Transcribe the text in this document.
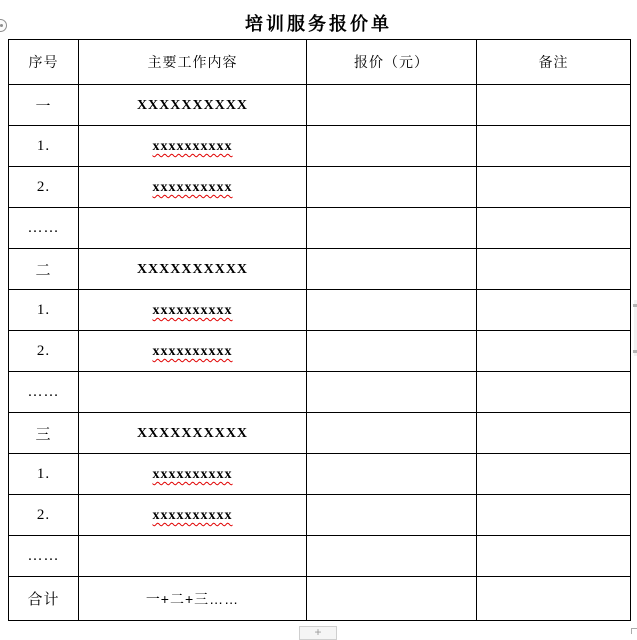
培训服务报价单
序号	主要工作内容	报价（元）	备注
一	XXXXXXXXXX		
1.	xxxxxxxxxx		
2.	xxxxxxxxxx		
……			
二	XXXXXXXXXX		
1.	xxxxxxxxxx		
2.	xxxxxxxxxx		
……			
三	XXXXXXXXXX		
1.	xxxxxxxxxx		
2.	xxxxxxxxxx		
……			
合计	一+二+三……		
+
